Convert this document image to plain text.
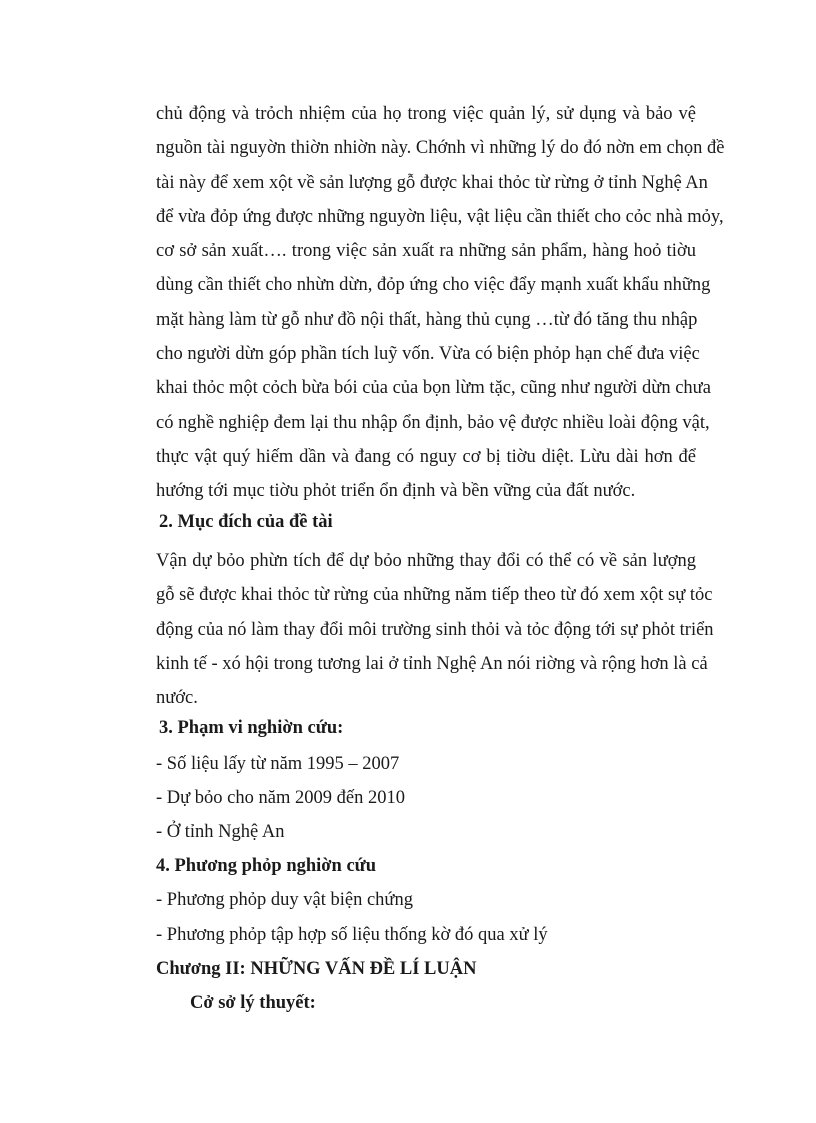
chủ động và trỏch nhiệm của họ trong việc quản lý, sử dụng và bảo vệ
nguồn tài nguyờn thiờn nhiờn này. Chớnh vì những lý do đó nờn em chọn đề
tài này để xem xột về sản lượng gỗ được khai thỏc từ rừng ở tỉnh Nghệ An
để vừa đỏp ứng được những nguyờn liệu, vật liệu cần thiết cho cỏc nhà mỏy,
cơ sở sản xuất…. trong việc sản xuất ra những sản phẩm, hàng hoỏ tiờu
dùng cần thiết cho nhừn dừn, đỏp ứng cho việc đẩy mạnh xuất khẩu những
mặt hàng làm từ gỗ như đồ nội thất, hàng thủ cụng …từ đó tăng thu nhập
cho người dừn góp phần tích luỹ vốn. Vừa có biện phỏp hạn chế đưa việc
khai thỏc một cỏch bừa bói của của bọn lừm tặc, cũng như người dừn chưa
có nghề nghiệp đem lại thu nhập ổn định, bảo vệ được nhiều loài động vật,
thực vật quý hiếm dần và đang có nguy cơ bị tiờu diệt. Lừu dài hơn để
hướng tới mục tiờu phỏt triển ổn định và bền vững của đất nước.
2. Mục đích của đề tài
Vận dự bỏo phừn tích để dự bỏo những thay đổi có thể có về sản lượng
gỗ sẽ được khai thỏc từ rừng của những năm tiếp theo từ đó xem xột sự tỏc
động của nó làm thay đổi môi trường sinh thỏi và tỏc động tới sự phỏt triển
kinh tế - xó hội trong tương lai ở tỉnh Nghệ An nói riờng và rộng hơn là cả
nước.
3. Phạm vi nghiờn cứu:
- Số liệu lấy từ năm 1995 – 2007
- Dự bỏo cho năm 2009 đến 2010
- Ở tỉnh Nghệ An
4. Phương phỏp nghiờn cứu
- Phương phỏp duy vật biện chứng
- Phương phỏp tập hợp số liệu thống kờ đó qua xử lý
Chương II: NHỮNG VẤN ĐỀ LÍ LUẬN
Cở sở lý thuyết:
